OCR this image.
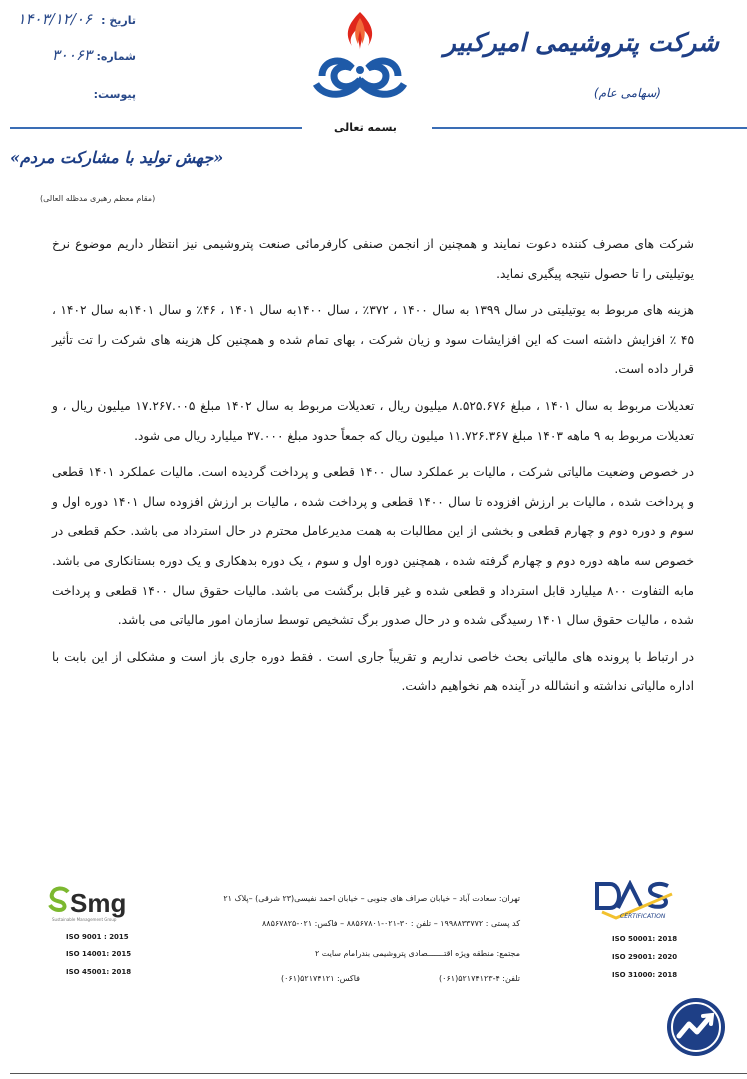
تاریخ :
۱۴۰۳/۱۲/۰۶
شماره:
۳۰۰۶۳
پیوست:
شرکت پتروشیمی امیرکبیر
(سهامی عام)
بسمه تعالی
«جهش تولید با مشارکت مردم»
(مقام معظم رهبری مدظله العالی)

شرکت های مصرف کننده دعوت نمایند و همچنین از انجمن صنفی کارفرمائی صنعت پتروشیمی نیز انتظار داریم موضوع نرخ یوتیلیتی را تا حصول نتیجه پیگیری نماید.

هزینه های مربوط به یوتیلیتی در سال ۱۳۹۹ به سال ۱۴۰۰ ، ۳۷۲٪ ، سال ۱۴۰۰به سال ۱۴۰۱ ، ۴۶٪ و سال ۱۴۰۱به سال ۱۴۰۲ ، ۴۵ ٪ افزایش داشته است که این افزایشات سود و زیان شرکت ، بهای تمام شده و همچنین کل هزینه های شرکت را تت تأثیر قرار داده است.

تعدیلات مربوط به سال ۱۴۰۱ ، مبلغ ۸.۵۲۵.۶۷۶ میلیون ریال ، تعدیلات مربوط به سال ۱۴۰۲ مبلغ ۱۷.۲۶۷.۰۰۵ میلیون ریال ، و تعدیلات مربوط به ۹ ماهه ۱۴۰۳ مبلغ ۱۱.۷۲۶.۳۶۷ میلیون ریال که جمعاً حدود مبلغ ۳۷.۰۰۰ میلیارد ریال می شود.

در خصوص وضعیت مالیاتی شرکت ، مالیات بر عملکرد سال ۱۴۰۰ قطعی و پرداخت گردیده است. مالیات عملکرد ۱۴۰۱ قطعی و پرداخت شده ، مالیات بر ارزش افزوده تا سال ۱۴۰۰ قطعی و پرداخت شده ، مالیات بر ارزش افزوده سال ۱۴۰۱ دوره اول و سوم و دوره دوم و چهارم قطعی و بخشی از این مطالبات به همت مدیرعامل محترم در حال استرداد می باشد. حکم قطعی در خصوص سه ماهه دوره دوم و چهارم گرفته شده ، همچنین دوره اول و سوم ، یک دوره بدهکاری و یک دوره بستانکاری می باشد. مابه التفاوت ۸۰۰ میلیارد قابل استرداد و قطعی شده و غیر قابل برگشت می باشد. مالیات حقوق سال ۱۴۰۰ قطعی و پرداخت شده ، مالیات حقوق سال ۱۴۰۱ رسیدگی شده و در حال صدور برگ تشخیص توسط سازمان امور مالیاتی می باشد.

در ارتباط با پرونده های مالیاتی بحث خاصی نداریم و تقریباً جاری است . فقط دوره جاری باز است و مشکلی از این بابت با اداره مالیاتی نداشته و انشالله در آینده هم نخواهیم داشت.

Smg
Sustainable Management Group
ISO 9001 : 2015
ISO 14001: 2015
ISO 45001: 2018
تهران: سعادت آباد – خیابان صراف های جنوبی – خیابان احمد نفیسی(۲۳ شرقی) –پلاک ۲۱
کد پستی : ۱۹۹۸۸۳۳۷۷۲ – تلفن : ۳۰-۰۲۱-۸۸۵۶۷۸۰۱ – فاکس: ۰۲۱-۸۸۵۶۷۸۲۵
مجتمع: منطقه ویژه اقتـــــــصادی پتروشیمی بندرامام سایت ۲
تلفن: ۴-۵۲۱۷۴۱۲۳(۰۶۱)
فاکس: ۵۲۱۷۴۱۲۱(۰۶۱)
CERTIFICATION
ISO 50001: 2018
ISO 29001: 2020
ISO 31000: 2018
